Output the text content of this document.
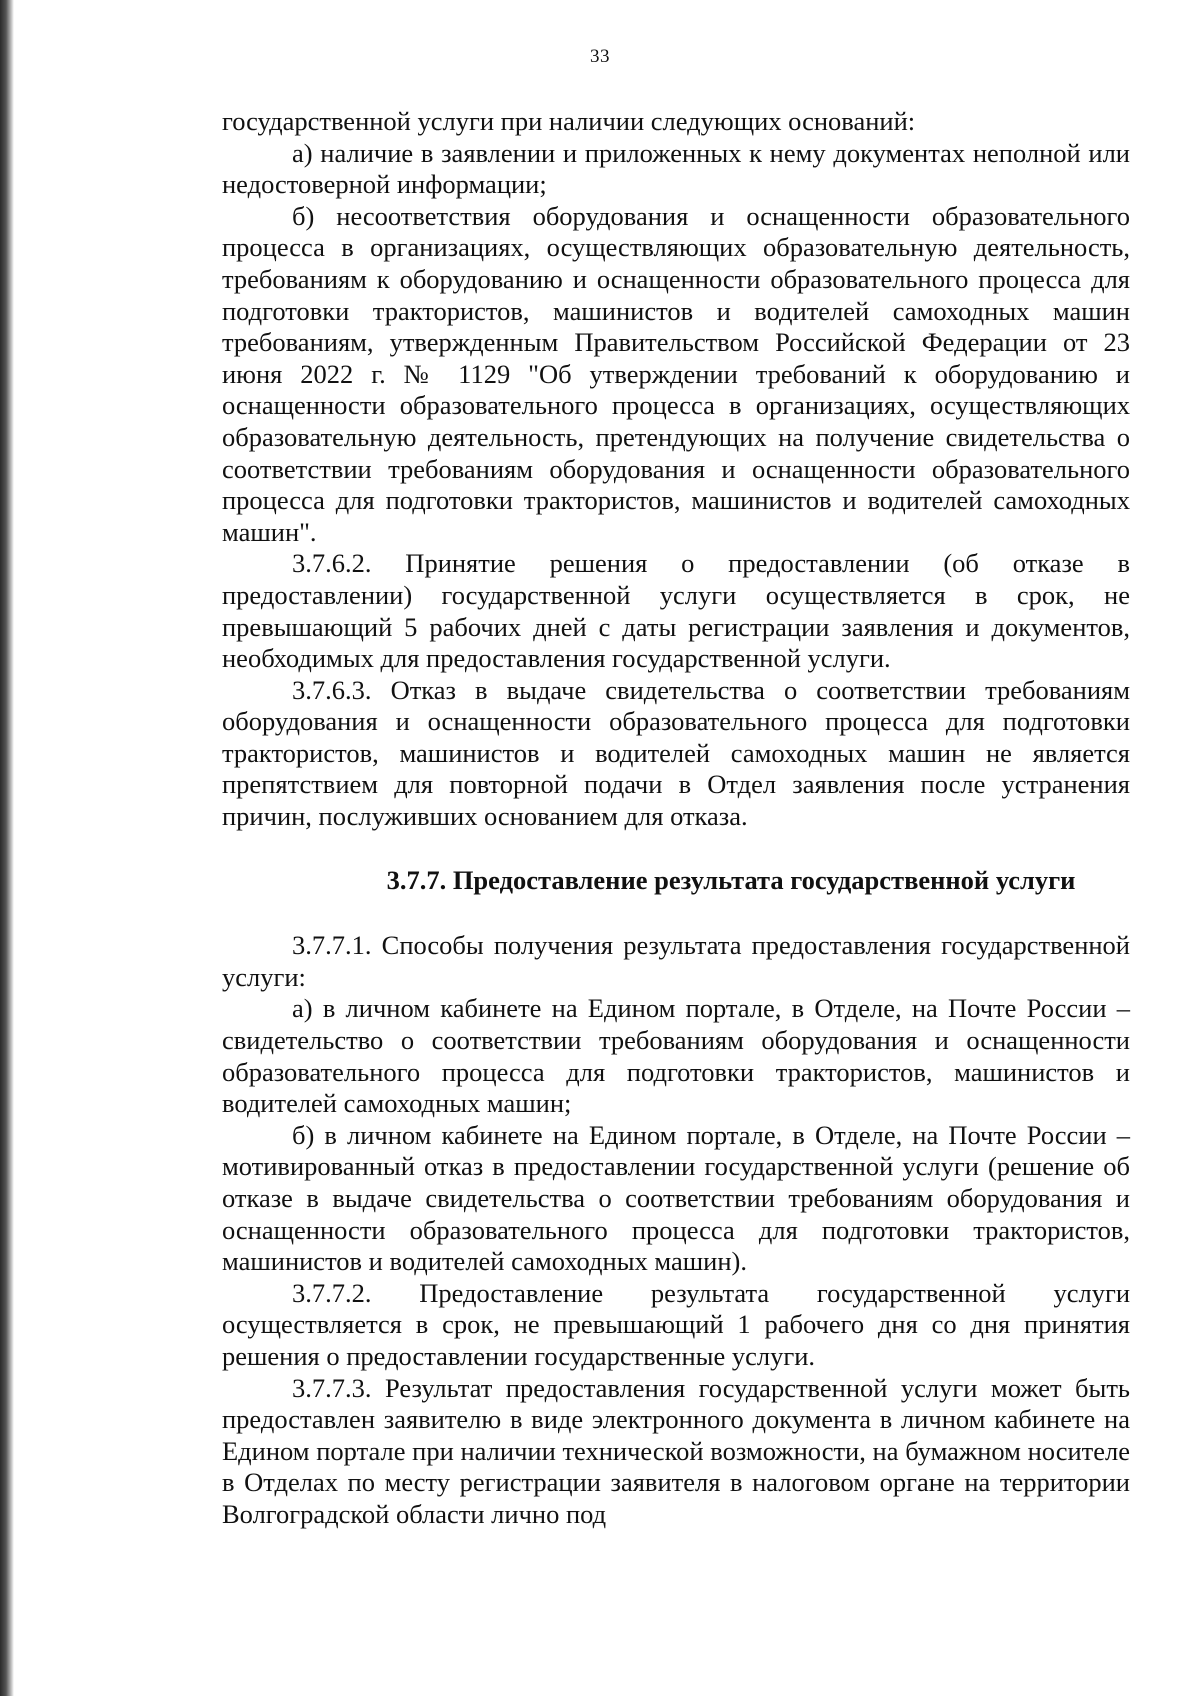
33

государственной услуги при наличии следующих оснований:

а) наличие в заявлении и приложенных к нему документах неполной или недостоверной информации;

б) несоответствия оборудования и оснащенности образовательного процесса в организациях, осуществляющих образовательную деятельность, требованиям к оборудованию и оснащенности образовательного процесса для подготовки трактористов, машинистов и водителей самоходных машин требованиям, утвержденным Правительством Российской Федерации от 23 июня 2022 г. № 1129 "Об утверждении требований к оборудованию и оснащенности образовательного процесса в организациях, осуществляющих образовательную деятельность, претендующих на получение свидетельства о соответствии требованиям оборудования и оснащенности образовательного процесса для подготовки трактористов, машинистов и водителей самоходных машин".

3.7.6.2. Принятие решения о предоставлении (об отказе в предоставлении) государственной услуги осуществляется в срок, не превышающий 5 рабочих дней с даты регистрации заявления и документов, необходимых для предоставления государственной услуги.

3.7.6.3. Отказ в выдаче свидетельства о соответствии требованиям оборудования и оснащенности образовательного процесса для подготовки трактористов, машинистов и водителей самоходных машин не является препятствием для повторной подачи в Отдел заявления после устранения причин, послуживших основанием для отказа.

3.7.7. Предоставление результата государственной услуги

3.7.7.1. Способы получения результата предоставления государственной услуги:

а) в личном кабинете на Едином портале, в Отделе, на Почте России – свидетельство о соответствии требованиям оборудования и оснащенности образовательного процесса для подготовки трактористов, машинистов и водителей самоходных машин;

б) в личном кабинете на Едином портале, в Отделе, на Почте России – мотивированный отказ в предоставлении государственной услуги (решение об отказе в выдаче свидетельства о соответствии требованиям оборудования и оснащенности образовательного процесса для подготовки трактористов, машинистов и водителей самоходных машин).

3.7.7.2. Предоставление результата государственной услуги осуществляется в срок, не превышающий 1 рабочего дня со дня принятия решения о предоставлении государственные услуги.

3.7.7.3. Результат предоставления государственной услуги может быть предоставлен заявителю в виде электронного документа в личном кабинете на Едином портале при наличии технической возможности, на бумажном носителе в Отделах по месту регистрации заявителя в налоговом органе на территории Волгоградской области лично под
